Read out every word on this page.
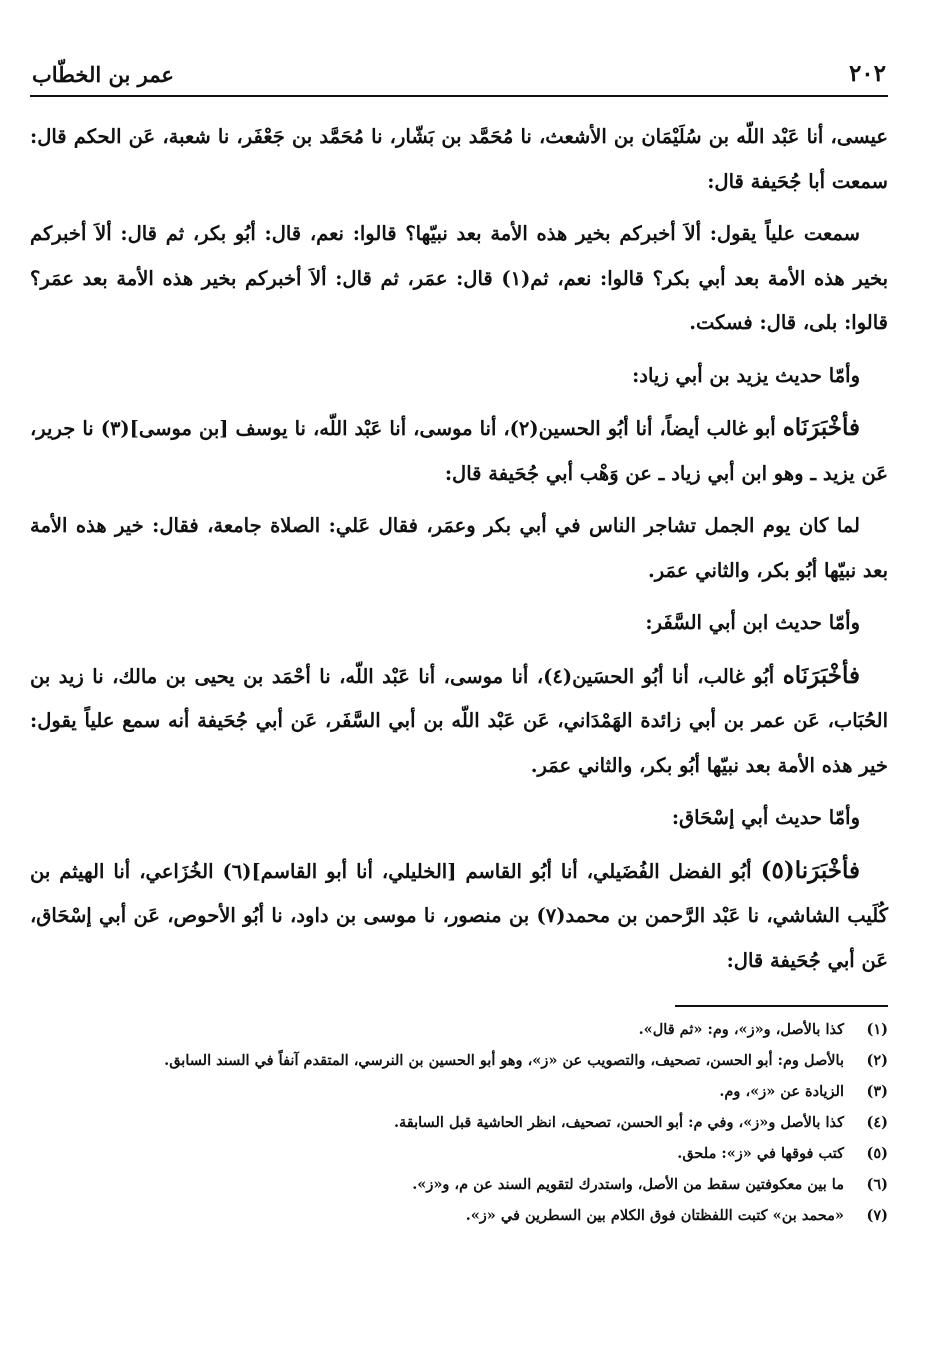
٢٠٢
عمر بن الخطّاب

عيسى، أنا عَبْد اللّه بن سُلَيْمَان بن الأشعث، نا مُحَمَّد بن بَشّار، نا مُحَمَّد بن جَعْفَر، نا شعبة، عَن الحكم قال: سمعت أبا جُحَيفة قال:

سمعت علياً يقول: ألاَ أخبركم بخير هذه الأمة بعد نبيّها؟ قالوا: نعم، قال: أبُو بكر، ثم قال: ألاَ أخبركم بخير هذه الأمة بعد أبي بكر؟ قالوا: نعم، ثم(١) قال: عمَر، ثم قال: ألاَ أخبركم بخير هذه الأمة بعد عمَر؟ قالوا: بلى، قال: فسكت.

وأمّا حديث يزيد بن أبي زياد:

فأخْبَرَنَاه أبو غالب أيضاً، أنا أبُو الحسين(٢)، أنا موسى، أنا عَبْد اللّه، نا يوسف [بن موسى](٣) نا جرير، عَن يزيد ـ وهو ابن أبي زياد ـ عن وَهْب أبي جُحَيفة قال:

لما كان يوم الجمل تشاجر الناس في أبي بكر وعمَر، فقال عَلي: الصلاة جامعة، فقال: خير هذه الأمة بعد نبيّها أبُو بكر، والثاني عمَر.

وأمّا حديث ابن أبي السَّفَر:

فأخْبَرَنَاه أبُو غالب، أنا أبُو الحسَين(٤)، أنا موسى، أنا عَبْد اللّه، نا أحْمَد بن يحيى بن مالك، نا زيد بن الحُبَاب، عَن عمر بن أبي زائدة الهَمْدَاني، عَن عَبْد اللّه بن أبي السَّفَر، عَن أبي جُحَيفة أنه سمع علياً يقول: خير هذه الأمة بعد نبيّها أبُو بكر، والثاني عمَر.

وأمّا حديث أبي إسْحَاق:

فأخْبَرَنا(٥) أبُو الفضل الفُضَيلي، أنا أبُو القاسم [الخليلي، أنا أبو القاسم](٦) الخُزَاعي، أنا الهيثم بن كُلَيب الشاشي، نا عَبْد الرَّحمن بن محمد(٧) بن منصور، نا موسى بن داود، نا أبُو الأحوص، عَن أبي إسْحَاق، عَن أبي جُحَيفة قال:

(١)
كذا بالأصل، و«ز»، وم: «ثم قال».
(٢)
بالأصل وم: أبو الحسن، تصحيف، والتصويب عن «ز»، وهو أبو الحسين بن النرسي، المتقدم آنفاً في السند السابق.
(٣)
الزيادة عن «ز»، وم.
(٤)
كذا بالأصل و«ز»، وفي م: أبو الحسن، تصحيف، انظر الحاشية قبل السابقة.
(٥)
كتب فوقها في «ز»: ملحق.
(٦)
ما بين معكوفتين سقط من الأصل، واستدرك لتقويم السند عن م، و«ز».
(٧)
«محمد بن» كتبت اللفظتان فوق الكلام بين السطرين في «ز».
